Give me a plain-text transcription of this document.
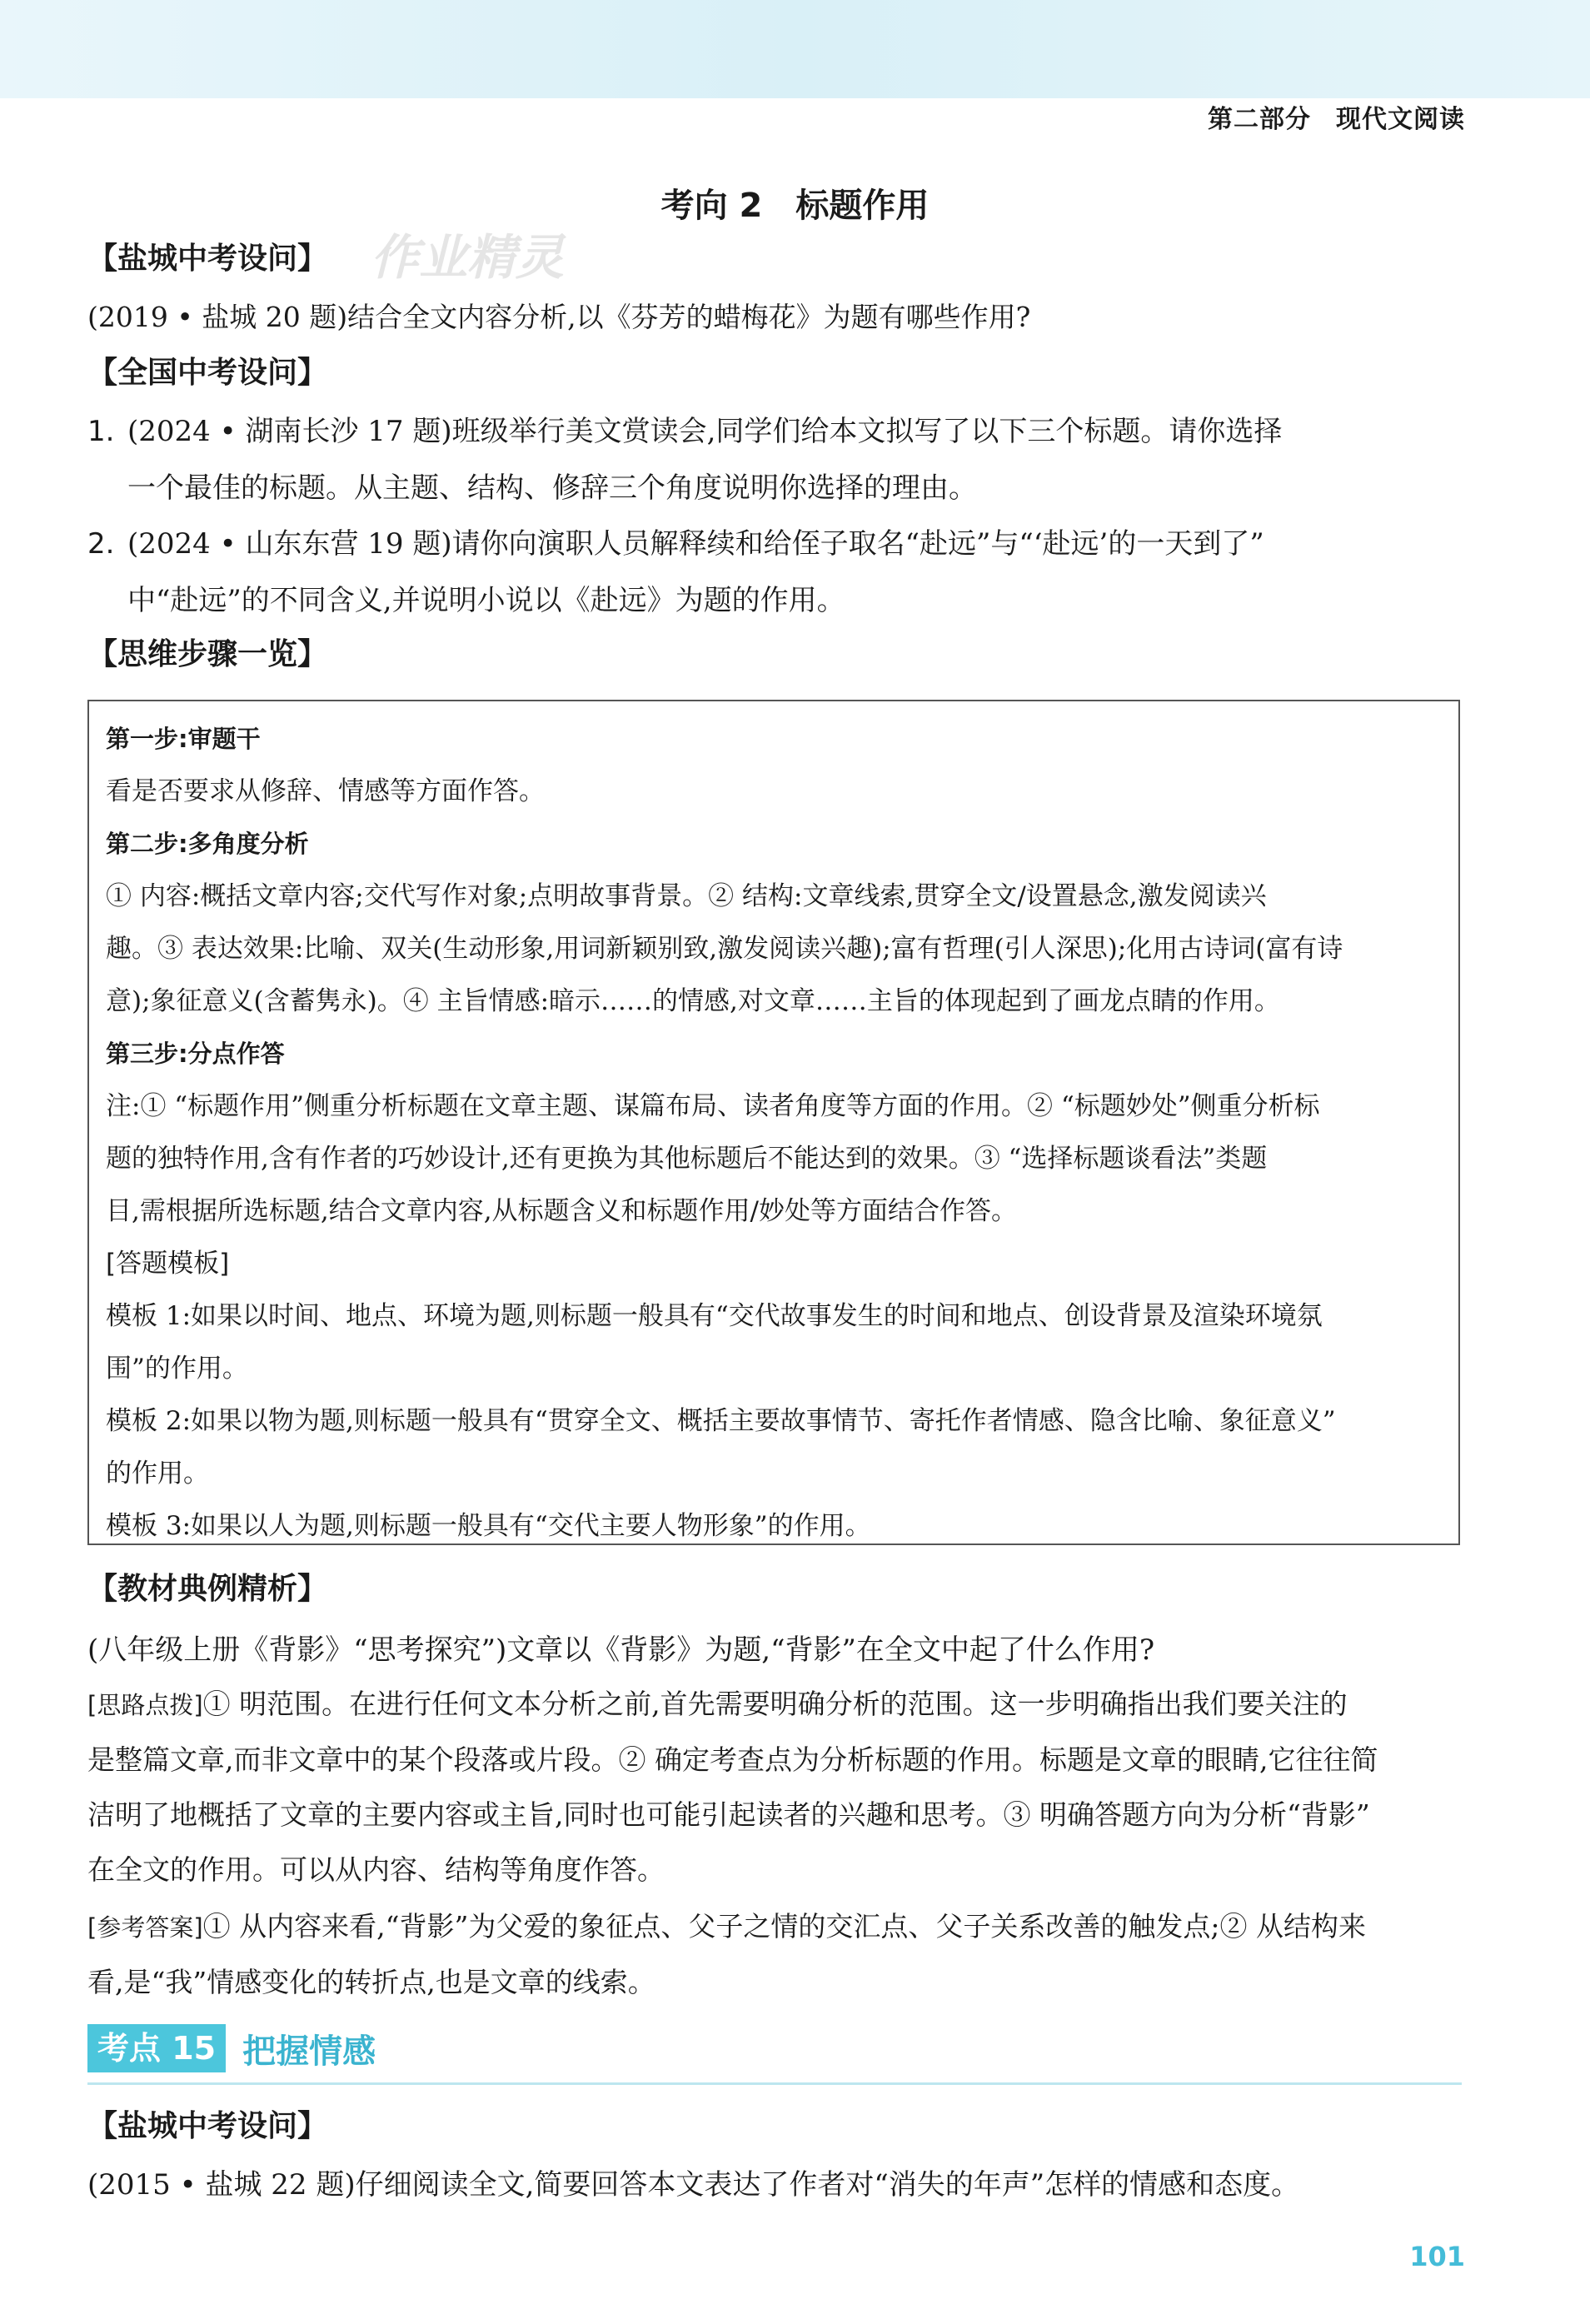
第二部分 现代文阅读
考向 2　标题作用
【盐城中考设问】 作业精灵
(2019 • 盐城 20 题)结合全文内容分析,以《芬芳的蜡梅花》为题有哪些作用?
【全国中考设问】
1. (2024 • 湖南长沙 17 题)班级举行美文赏读会,同学们给本文拟写了以下三个标题。请你选择
一个最佳的标题。从主题、结构、修辞三个角度说明你选择的理由。
2. (2024 • 山东东营 19 题)请你向演职人员解释续和给侄子取名“赴远”与“‘赴远’的一天到了”
中“赴远”的不同含义,并说明小说以《赴远》为题的作用。
【思维步骤一览】
第一步:审题干
看是否要求从修辞、情感等方面作答。
第二步:多角度分析
① 内容:概括文章内容;交代写作对象;点明故事背景。② 结构:文章线索,贯穿全文/设置悬念,激发阅读兴
趣。③ 表达效果:比喻、双关(生动形象,用词新颖别致,激发阅读兴趣);富有哲理(引人深思);化用古诗词(富有诗
意);象征意义(含蓄隽永)。④ 主旨情感:暗示……的情感,对文章……主旨的体现起到了画龙点睛的作用。
第三步:分点作答
注:① “标题作用”侧重分析标题在文章主题、谋篇布局、读者角度等方面的作用。② “标题妙处”侧重分析标
题的独特作用,含有作者的巧妙设计,还有更换为其他标题后不能达到的效果。③ “选择标题谈看法”类题
目,需根据所选标题,结合文章内容,从标题含义和标题作用/妙处等方面结合作答。
[答题模板]
模板 1:如果以时间、地点、环境为题,则标题一般具有“交代故事发生的时间和地点、创设背景及渲染环境氛
围”的作用。
模板 2:如果以物为题,则标题一般具有“贯穿全文、概括主要故事情节、寄托作者情感、隐含比喻、象征意义”
的作用。
模板 3:如果以人为题,则标题一般具有“交代主要人物形象”的作用。
【教材典例精析】
(八年级上册《背影》“思考探究”)文章以《背影》为题,“背影”在全文中起了什么作用?
[思路点拨]① 明范围。在进行任何文本分析之前,首先需要明确分析的范围。这一步明确指出我们要关注的
是整篇文章,而非文章中的某个段落或片段。② 确定考查点为分析标题的作用。标题是文章的眼睛,它往往简
洁明了地概括了文章的主要内容或主旨,同时也可能引起读者的兴趣和思考。③ 明确答题方向为分析“背影”
在全文的作用。可以从内容、结构等角度作答。
[参考答案]① 从内容来看,“背影”为父爱的象征点、父子之情的交汇点、父子关系改善的触发点;② 从结构来
看,是“我”情感变化的转折点,也是文章的线索。
考点 15 把握情感
【盐城中考设问】
(2015 • 盐城 22 题)仔细阅读全文,简要回答本文表达了作者对“消失的年声”怎样的情感和态度。
101
